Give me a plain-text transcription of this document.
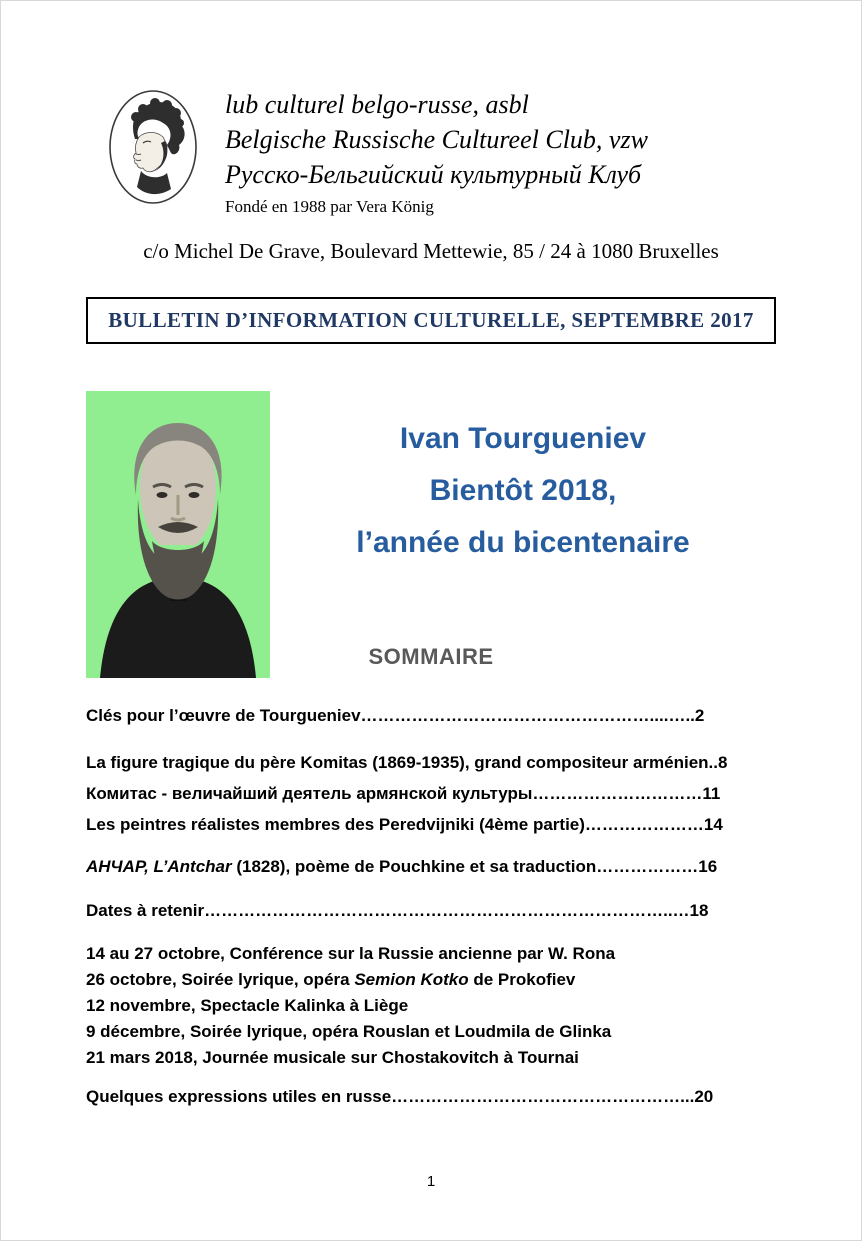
lub culturel belgo-russe, asbl
Belgische Russische Cultureel Club, vzw
Русско-Бельгийский культурный Клуб
Fondé en 1988 par Vera König
c/o Michel De Grave, Boulevard Mettewie, 85 / 24 à 1080 Bruxelles
BULLETIN D’INFORMATION CULTURELLE, SEPTEMBRE 2017
Ivan Tourgueniev
Bientôt 2018,
l’année du bicentenaire
SOMMAIRE
Clés pour l’œuvre de Tourgueniev……………………………………………....…..2
La figure tragique du père Komitas (1869-1935), grand compositeur arménien..8
Комитас - величайший деятель армянской культуры…………………………11
Les peintres réalistes membres des Peredvijniki (4ème partie)…………………14
АНЧАР, L’Antchar (1828), poème de Pouchkine et sa traduction………………16
Dates à retenir………………………………………………………………………..…18
14 au 27 octobre, Conférence sur la Russie ancienne par W. Rona
26 octobre, Soirée lyrique, opéra Semion Kotko de Prokofiev
12 novembre, Spectacle Kalinka à Liège
9 décembre, Soirée lyrique, opéra Rouslan et Loudmila de Glinka
21 mars 2018, Journée musicale sur Chostakovitch à Tournai
Quelques expressions utiles en russe……………………………………………...20
1
